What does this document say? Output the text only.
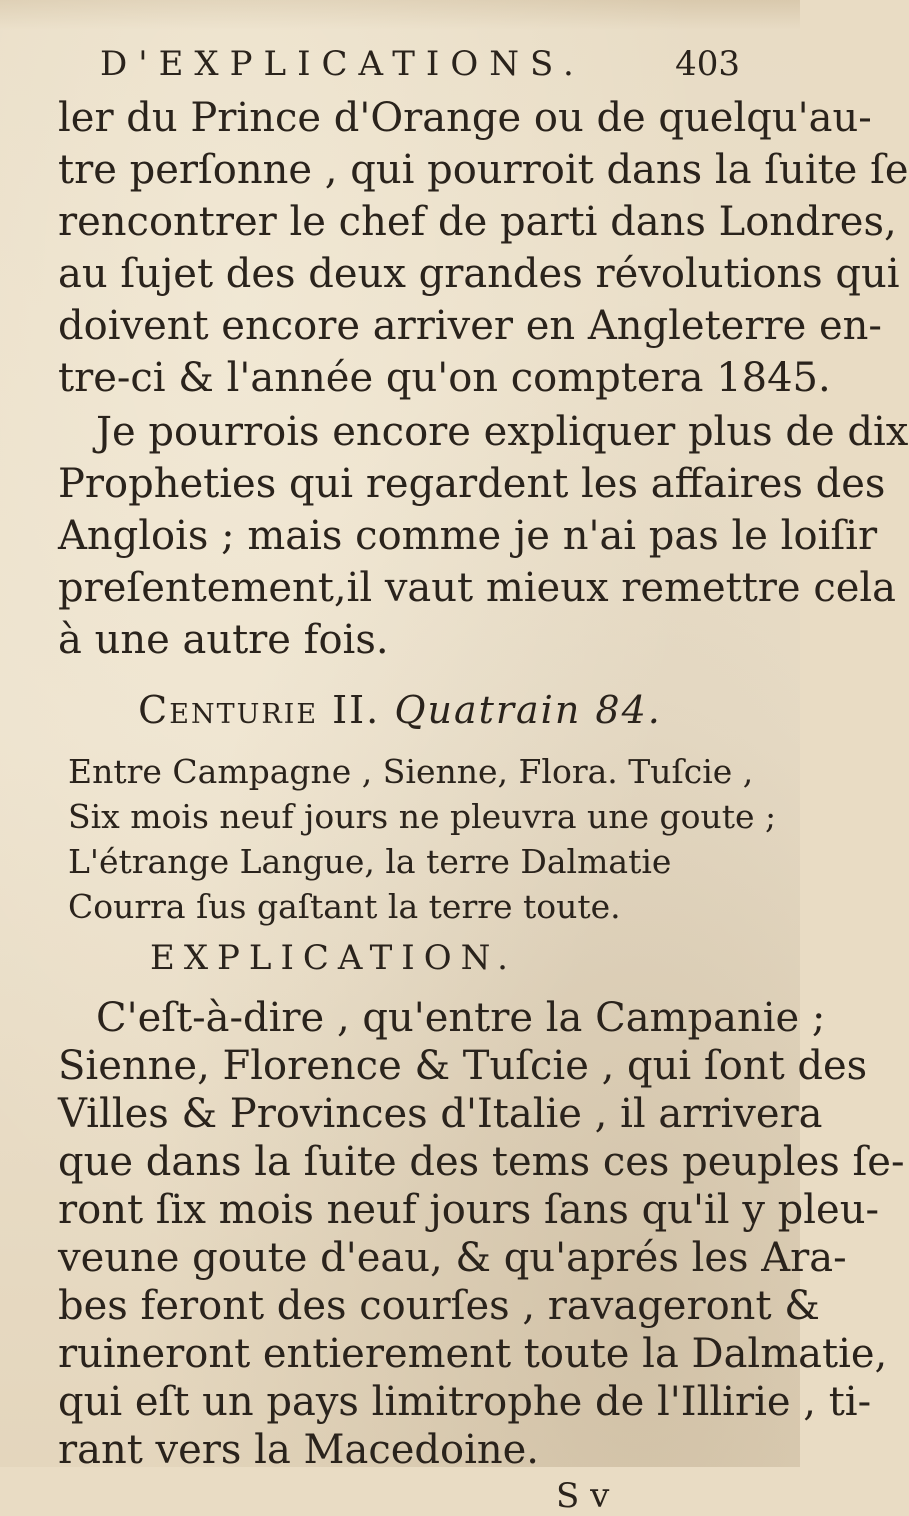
D'EXPLICATIONS.	403
ler du Prince d'Orange ou de quelqu'au-
tre perſonne , qui pourroit dans la ſuite ſe
rencontrer le chef de parti dans Londres,
au ſujet des deux grandes révolutions qui
doivent encore arriver en Angleterre en-
tre-ci & l'année qu'on comptera 1845.
Je pourrois encore expliquer plus de dix
Propheties qui regardent les affaires des
Anglois ; mais comme je n'ai pas le loiſir
preſentement,il vaut mieux remettre cela
à une autre fois.
Centurie II. Quatrain 84.
Entre Campagne , Sienne, Flora. Tuſcie ,
Six mois neuf jours ne pleuvra une goute ;
L'étrange Langue, la terre Dalmatie
Courra ſus gaſtant la terre toute.
EXPLICATION.
C'eſt-à-dire , qu'entre la Campanie ;
Sienne, Florence & Tuſcie , qui ſont des
Villes & Provinces d'Italie , il arrivera
que dans la ſuite des tems ces peuples ſe-
ront ſix mois neuf jours ſans qu'il y pleu-
veune goute d'eau, & qu'aprés les Ara-
bes feront des courſes , ravageront &
ruineront entierement toute la Dalmatie,
qui eſt un pays limitrophe de l'Illirie , ti-
rant vers la Macedoine.
S v
